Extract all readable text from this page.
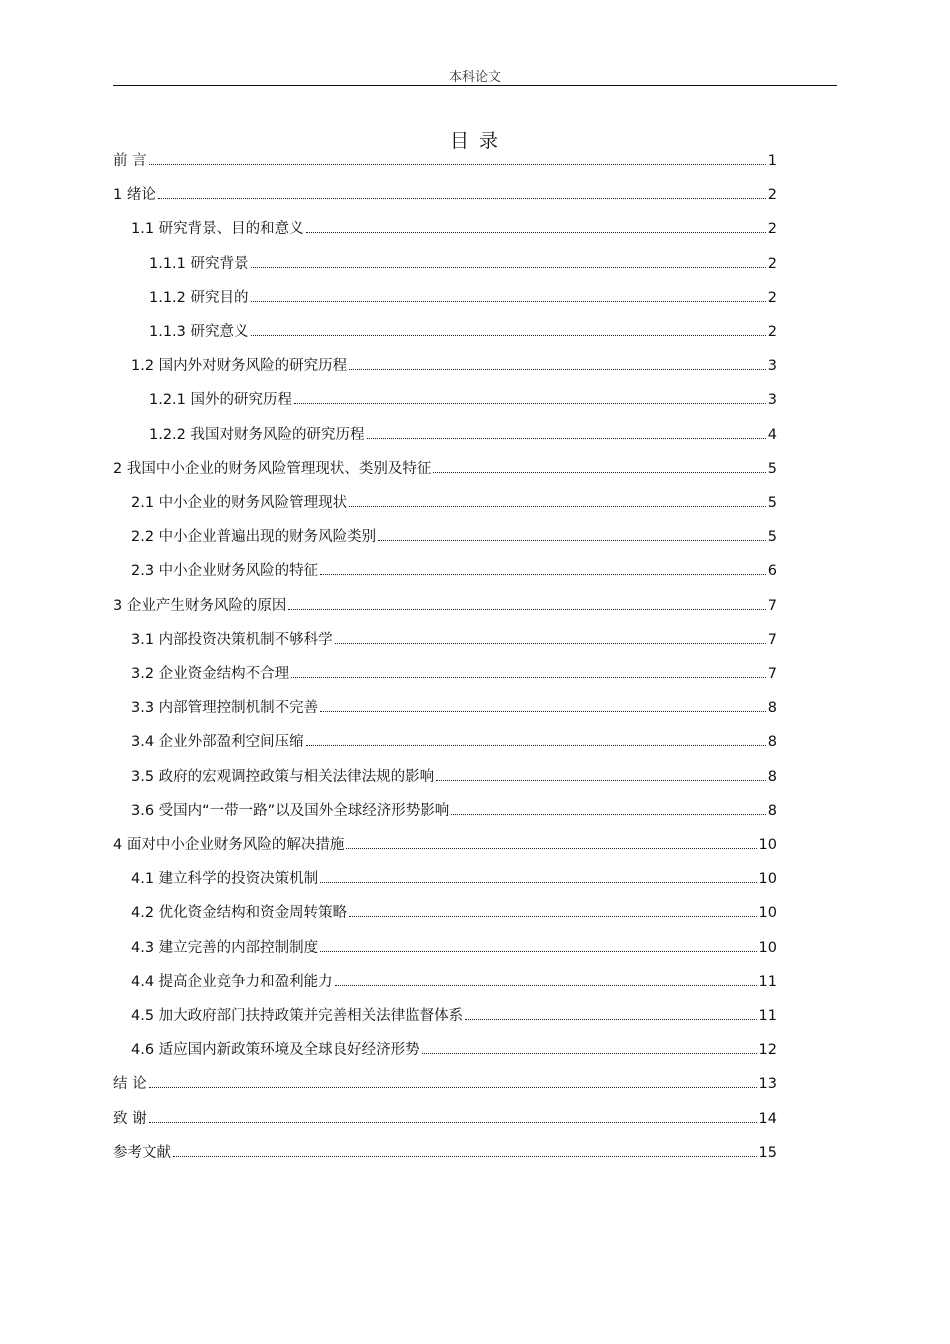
本科论文
目 录
前 言	1
1 绪论	2
1.1 研究背景、目的和意义	2
1.1.1 研究背景	2
1.1.2 研究目的	2
1.1.3 研究意义	2
1.2 国内外对财务风险的研究历程	3
1.2.1 国外的研究历程	3
1.2.2 我国对财务风险的研究历程	4
2 我国中小企业的财务风险管理现状、类别及特征	5
2.1 中小企业的财务风险管理现状	5
2.2 中小企业普遍出现的财务风险类别	5
2.3 中小企业财务风险的特征	6
3 企业产生财务风险的原因	7
3.1 内部投资决策机制不够科学	7
3.2 企业资金结构不合理	7
3.3 内部管理控制机制不完善	8
3.4 企业外部盈利空间压缩	8
3.5 政府的宏观调控政策与相关法律法规的影响	8
3.6 受国内“一带一路”以及国外全球经济形势影响	8
4 面对中小企业财务风险的解决措施	10
4.1 建立科学的投资决策机制	10
4.2 优化资金结构和资金周转策略	10
4.3 建立完善的内部控制制度	10
4.4 提高企业竞争力和盈利能力	11
4.5 加大政府部门扶持政策并完善相关法律监督体系	11
4.6 适应国内新政策环境及全球良好经济形势	12
结 论	13
致 谢	14
参考文献	15
